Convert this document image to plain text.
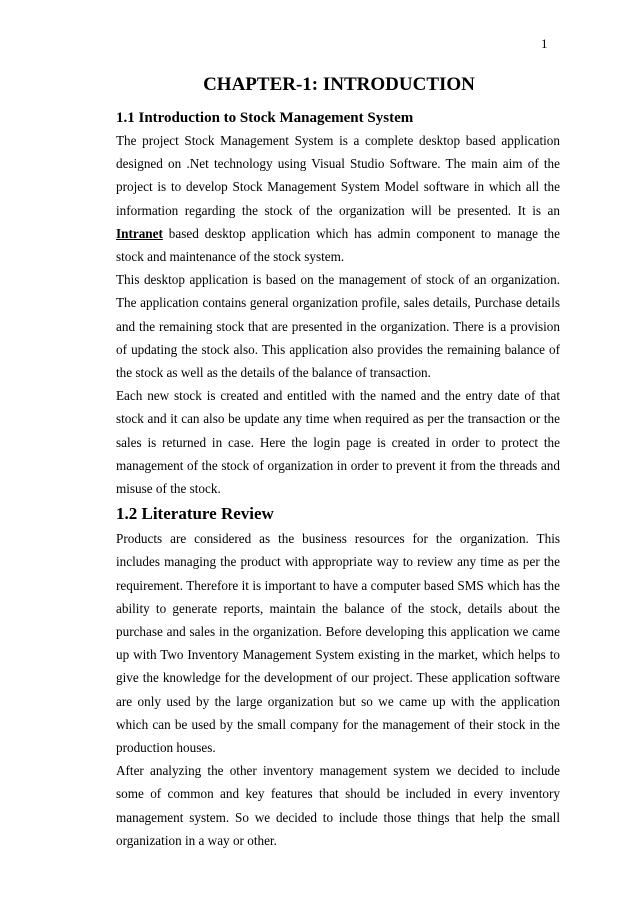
1
CHAPTER-1: INTRODUCTION
1.1 Introduction to Stock Management System

The project Stock Management System is a complete desktop based application designed on .Net technology using Visual Studio Software. The main aim of the project is to develop Stock Management System Model software in which all the information regarding the stock of the organization will be presented. It is an Intranet based desktop application which has admin component to manage the stock and maintenance of the stock system.

This desktop application is based on the management of stock of an organization. The application contains general organization profile, sales details, Purchase details and the remaining stock that are presented in the organization. There is a provision of updating the stock also. This application also provides the remaining balance of the stock as well as the details of the balance of transaction.

Each new stock is created and entitled with the named and the entry date of that stock and it can also be update any time when required as per the transaction or the sales is returned in case. Here the login page is created in order to protect the management of the stock of organization in order to prevent it from the threads and misuse of the stock.

1.2 Literature Review

Products are considered as the business resources for the organization. This includes managing the product with appropriate way to review any time as per the requirement. Therefore it is important to have a computer based SMS which has the ability to generate reports, maintain the balance of the stock, details about the purchase and sales in the organization. Before developing this application we came up with Two Inventory Management System existing in the market, which helps to give the knowledge for the development of our project. These application software are only used by the large organization but so we came up with the application which can be used by the small company for the management of their stock in the production houses.

After analyzing the other inventory management system we decided to include some of common and key features that should be included in every inventory management system. So we decided to include those things that help the small organization in a way or other.
